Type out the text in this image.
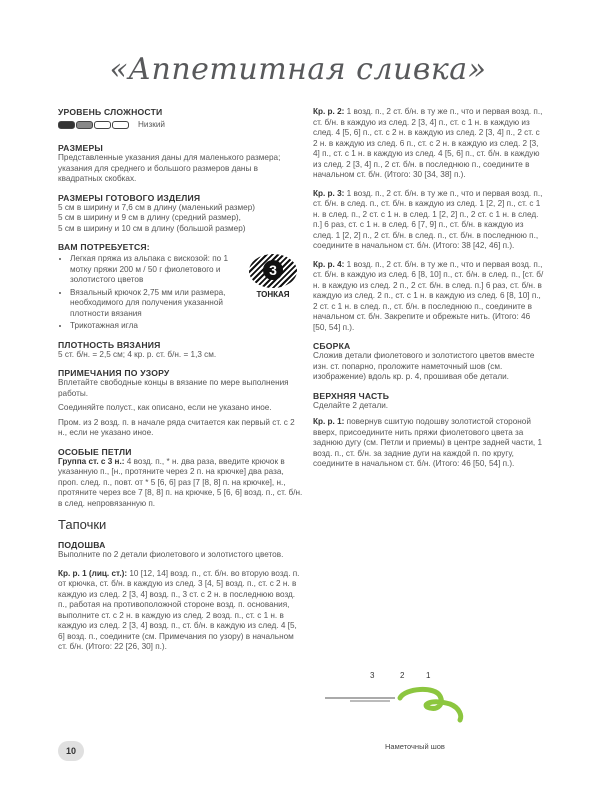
«Аппетитная сливка»
УРОВЕНЬ СЛОЖНОСТИ
Низкий
РАЗМЕРЫ

Представленные указания даны для маленького размера; указания для среднего и большого размеров даны в квадратных скобках.

РАЗМЕРЫ ГОТОВОГО ИЗДЕЛИЯ

5 см в ширину и 7,6 см в длину (маленький размер)

5 см в ширину и 9 см в длину (средний размер),

5 см в ширину и 10 см в длину (большой размер)

ВАМ ПОТРЕБУЕТСЯ:
• Легкая пряжа из альпака с вискозой: по 1 мотку пряжи 200 м / 50 г фиолетового и золотистого цветов
• Вязальный крючок 2,75 мм или размера, необходимого для получения указанной плотности вязания
• Трикотажная игла
3
ТОНКАЯ
ПЛОТНОСТЬ ВЯЗАНИЯ

5 ст. б/н. = 2,5 см; 4 кр. р. ст. б/н. = 1,3 см.

ПРИМЕЧАНИЯ ПО УЗОРУ

Вплетайте свободные концы в вязание по мере выполнения работы.

Соединяйте полуст., как описано, если не указано иное.

Пром. из 2 возд. п. в начале ряда считается как первый ст. с 2 н., если не указано иное.

ОСОБЫЕ ПЕТЛИ

Группа ст. с 3 н.: 4 возд. п., * н. два раза, введите крючок в указанную п., [н., протяните через 2 п. на крючке] два раза, проп. след. п., повт. от * 5 [6, 6] раз [7 [8, 8] п. на крючке], н., протяните через все 7 [8, 8] п. на крючке, 5 [6, 6] возд. п., ст. б/н. в след. непровязанную п.

Тапочки
ПОДОШВА

Выполните по 2 детали фиолетового и золотистого цветов.

Кр. р. 1 (лиц. ст.): 10 [12, 14] возд. п., ст. б/н. во вторую возд. п. от крючка, ст. б/н. в каждую из след. 3 [4, 5] возд. п., ст. с 2 н. в каждую из след. 2 [3, 4] возд. п., 3 ст. с 2 н. в последнюю возд. п., работая на противоположной стороне возд. п. основания, выполните ст. с 2 н. в каждую из след. 2 возд. п., ст. с 1 н. в каждую из след. 2 [3, 4] возд. п., ст. б/н. в каждую из след. 4 [5, 6] возд. п., соедините (см. Примечания по узору) в начальном ст. б/н. (Итого: 22 [26, 30] п.).

Кр. р. 2: 1 возд. п., 2 ст. б/н. в ту же п., что и первая возд. п., ст. б/н. в каждую из след. 2 [3, 4] п., ст. с 1 н. в каждую из след. 4 [5, 6] п., ст. с 2 н. в каждую из след. 2 [3, 4] п., 2 ст. с 2 н. в каждую из след. 6 п., ст. с 2 н. в каждую из след. 2 [3, 4] п., ст. с 1 н. в каждую из след. 4 [5, 6] п., ст. б/н. в каждую из след. 2 [3, 4] п., 2 ст. б/н. в последнюю п., соедините в начальном ст. б/н. (Итого: 30 [34, 38] п.).

Кр. р. 3: 1 возд. п., 2 ст. б/н. в ту же п., что и первая возд. п., ст. б/н. в след. п., ст. б/н. в каждую из след. 1 [2, 2] п., ст. с 1 н. в след. п., 2 ст. с 1 н. в след. 1 [2, 2] п., 2 ст. с 1 н. в след. п.] 6 раз, ст. с 1 н. в след. 6 [7, 9] п., ст. б/н. в каждую из след. 1 [2, 2] п., 2 ст. б/н. в след. п., ст. б/н. в последнюю п., соедините в начальном ст. б/н. (Итого: 38 [42, 46] п.).

Кр. р. 4: 1 возд. п., 2 ст. б/н. в ту же п., что и первая возд. п., ст. б/н. в каждую из след. 6 [8, 10] п., ст. б/н. в след. п., [ст. б/н. в каждую из след. 2 п., 2 ст. б/н. в след. п.] 6 раз, ст. б/н. в каждую из след. 2 п., ст. с 1 н. в каждую из след. 6 [8, 10] п., 2 ст. с 1 н. в след. п., ст. б/н. в последнюю п., соедините в начальном ст. б/н. Закрепите и обрежьте нить. (Итого: 46 [50, 54] п.).

СБОРКА

Сложив детали фиолетового и золотистого цветов вместе изн. ст. попарно, проложите наметочный шов (см. изображение) вдоль кр. р. 4, прошивая обе детали.

ВЕРХНЯЯ ЧАСТЬ

Сделайте 2 детали.

Кр. р. 1: повернув сшитую подошву золотистой стороной вверх, присоедините нить пряжи фиолетового цвета за заднюю дугу (см. Петли и приемы) в центре задней части, 1 возд. п., ст. б/н. за задние дуги на каждой п. по кругу, соедините в начальном ст. б/н. (Итого: 46 [50, 54] п.).

3	2	1
Наметочный шов
10
